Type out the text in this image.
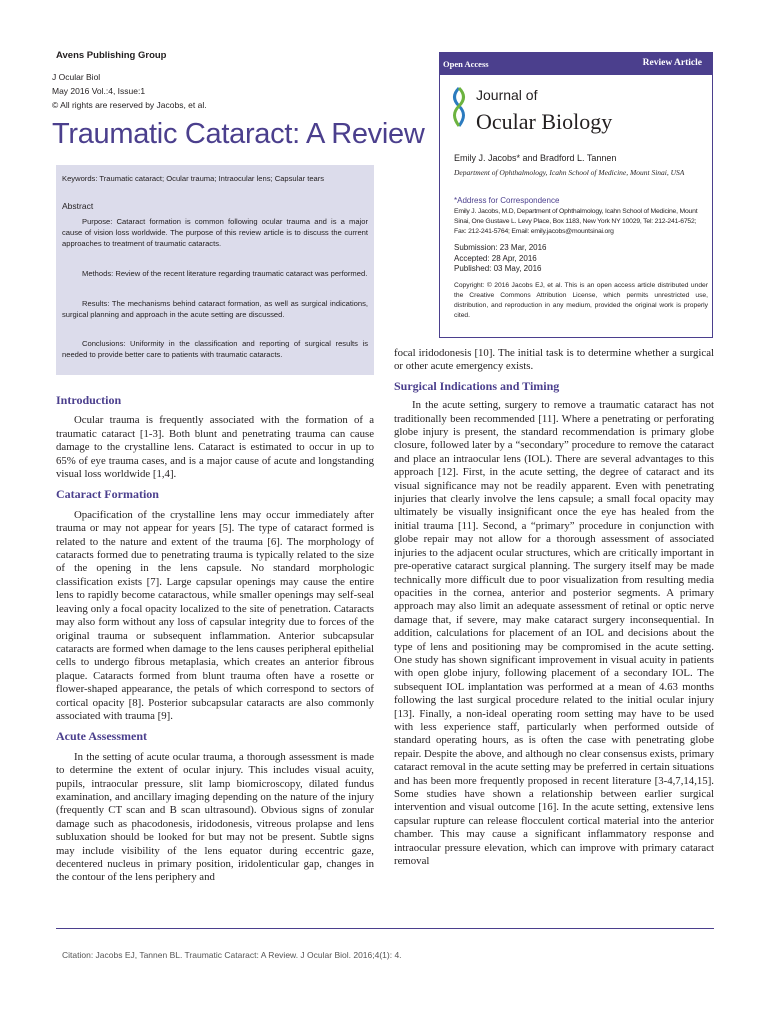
Avens Publishing Group
J Ocular Biol
May 2016 Vol.:4, Issue:1
© All rights are reserved by Jacobs, et al.
Traumatic Cataract: A Review
Keywords: Traumatic cataract; Ocular trauma; Intraocular lens; Capsular tears
Abstract
Purpose: Cataract formation is common following ocular trauma and is a major cause of vision loss worldwide. The purpose of this review article is to discuss the current approaches to treatment of traumatic cataracts.
Methods: Review of the recent literature regarding traumatic cataract was performed.
Results: The mechanisms behind cataract formation, as well as surgical indications, surgical planning and approach in the acute setting are discussed.
Conclusions: Uniformity in the classification and reporting of surgical results is needed to provide better care to patients with traumatic cataracts.
Open Access	Review Article
Journal of
Ocular Biology
Emily J. Jacobs* and Bradford L. Tannen
Department of Ophthalmology, Icahn School of Medicine, Mount Sinai, USA
*Address for Correspondence
Emily J. Jacobs, M.D, Department of Ophthalmology, Icahn School of Medicine, Mount Sinai, One Gustave L. Levy Place, Box 1183, New York NY 10029, Tel: 212-241-6752; Fax: 212-241-5764; Email: emily.jacobs@mountsinai.org
Submission: 23 Mar, 2016
Accepted: 28 Apr, 2016
Published: 03 May, 2016
Copyright: © 2016 Jacobs EJ, et al. This is an open access article distributed under the Creative Commons Attribution License, which permits unrestricted use, distribution, and reproduction in any medium, provided the original work is properly cited.
Introduction

Ocular trauma is frequently associated with the formation of a traumatic cataract [1-3]. Both blunt and penetrating trauma can cause damage to the crystalline lens. Cataract is estimated to occur in up to 65% of eye trauma cases, and is a major cause of acute and longstanding visual loss worldwide [1,4].

Cataract Formation

Opacification of the crystalline lens may occur immediately after trauma or may not appear for years [5]. The type of cataract formed is related to the nature and extent of the trauma [6]. The morphology of cataracts formed due to penetrating trauma is typically related to the size of the opening in the lens capsule. No standard morphologic classification exists [7]. Large capsular openings may cause the entire lens to rapidly become cataractous, while smaller openings may self-seal leaving only a focal opacity localized to the site of penetration. Cataracts may also form without any loss of capsular integrity due to forces of the original trauma or subsequent inflammation. Anterior subcapsular cataracts are formed when damage to the lens causes peripheral epithelial cells to undergo fibrous metaplasia, which creates an anterior fibrous plaque. Cataracts formed from blunt trauma often have a rosette or flower-shaped appearance, the petals of which correspond to sectors of cortical opacity [8]. Posterior subcapsular cataracts are also commonly associated with trauma [9].

Acute Assessment

In the setting of acute ocular trauma, a thorough assessment is made to determine the extent of ocular injury. This includes visual acuity, pupils, intraocular pressure, slit lamp biomicroscopy, dilated fundus examination, and ancillary imaging depending on the nature of the injury (frequently CT scan and B scan ultrasound). Obvious signs of zonular damage such as phacodonesis, iridodonesis, vitreous prolapse and lens subluxation should be looked for but may not be present. Subtle signs may include visibility of the lens equator during eccentric gaze, decentered nucleus in primary position, iridolenticular gap, changes in the contour of the lens periphery and

focal iridodonesis [10]. The initial task is to determine whether a surgical or other acute emergency exists.

Surgical Indications and Timing

In the acute setting, surgery to remove a traumatic cataract has not traditionally been recommended [11]. Where a penetrating or perforating globe injury is present, the standard recommendation is primary globe closure, followed later by a “secondary” procedure to remove the cataract and place an intraocular lens (IOL). There are several advantages to this approach [12]. First, in the acute setting, the degree of cataract and its visual significance may not be readily apparent. Even with penetrating injuries that clearly involve the lens capsule; a small focal opacity may ultimately be visually insignificant once the eye has healed from the initial trauma [11]. Second, a “primary” procedure in conjunction with globe repair may not allow for a thorough assessment of associated injuries to the adjacent ocular structures, which are critically important in pre-operative cataract surgical planning. The surgery itself may be made technically more difficult due to poor visualization from resulting media opacities in the cornea, anterior and posterior segments. A primary approach may also limit an adequate assessment of retinal or optic nerve damage that, if severe, may make cataract surgery inconsequential. In addition, calculations for placement of an IOL and decisions about the type of lens and positioning may be compromised in the acute setting. One study has shown significant improvement in visual acuity in patients with open globe injury, following placement of a secondary IOL. The subsequent IOL implantation was performed at a mean of 4.63 months following the last surgical procedure related to the initial ocular injury [13]. Finally, a non-ideal operating room setting may have to be used with less experience staff, particularly when performed outside of standard operating hours, as is often the case with penetrating globe repair. Despite the above, and although no clear consensus exists, primary cataract removal in the acute setting may be preferred in certain situations and has been more frequently proposed in recent literature [3-4,7,14,15]. Some studies have shown a relationship between earlier surgical intervention and visual outcome [16]. In the acute setting, extensive lens capsular rupture can release flocculent cortical material into the anterior chamber. This may cause a significant inflammatory response and intraocular pressure elevation, which can improve with primary cataract removal

Citation: Jacobs EJ, Tannen BL. Traumatic Cataract: A Review. J Ocular Biol. 2016;4(1): 4.
